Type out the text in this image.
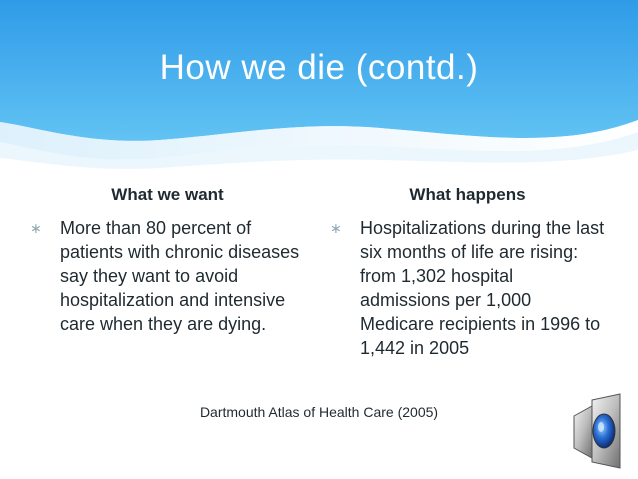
How we die (contd.)
What we want
∗ More than 80 percent of patients with chronic diseases say they want to avoid hospitalization and intensive care when they are dying.
What happens
∗ Hospitalizations during the last six months of life are rising: from 1,302 hospital admissions per 1,000 Medicare recipients in 1996 to 1,442 in 2005
Dartmouth Atlas of Health Care (2005)
